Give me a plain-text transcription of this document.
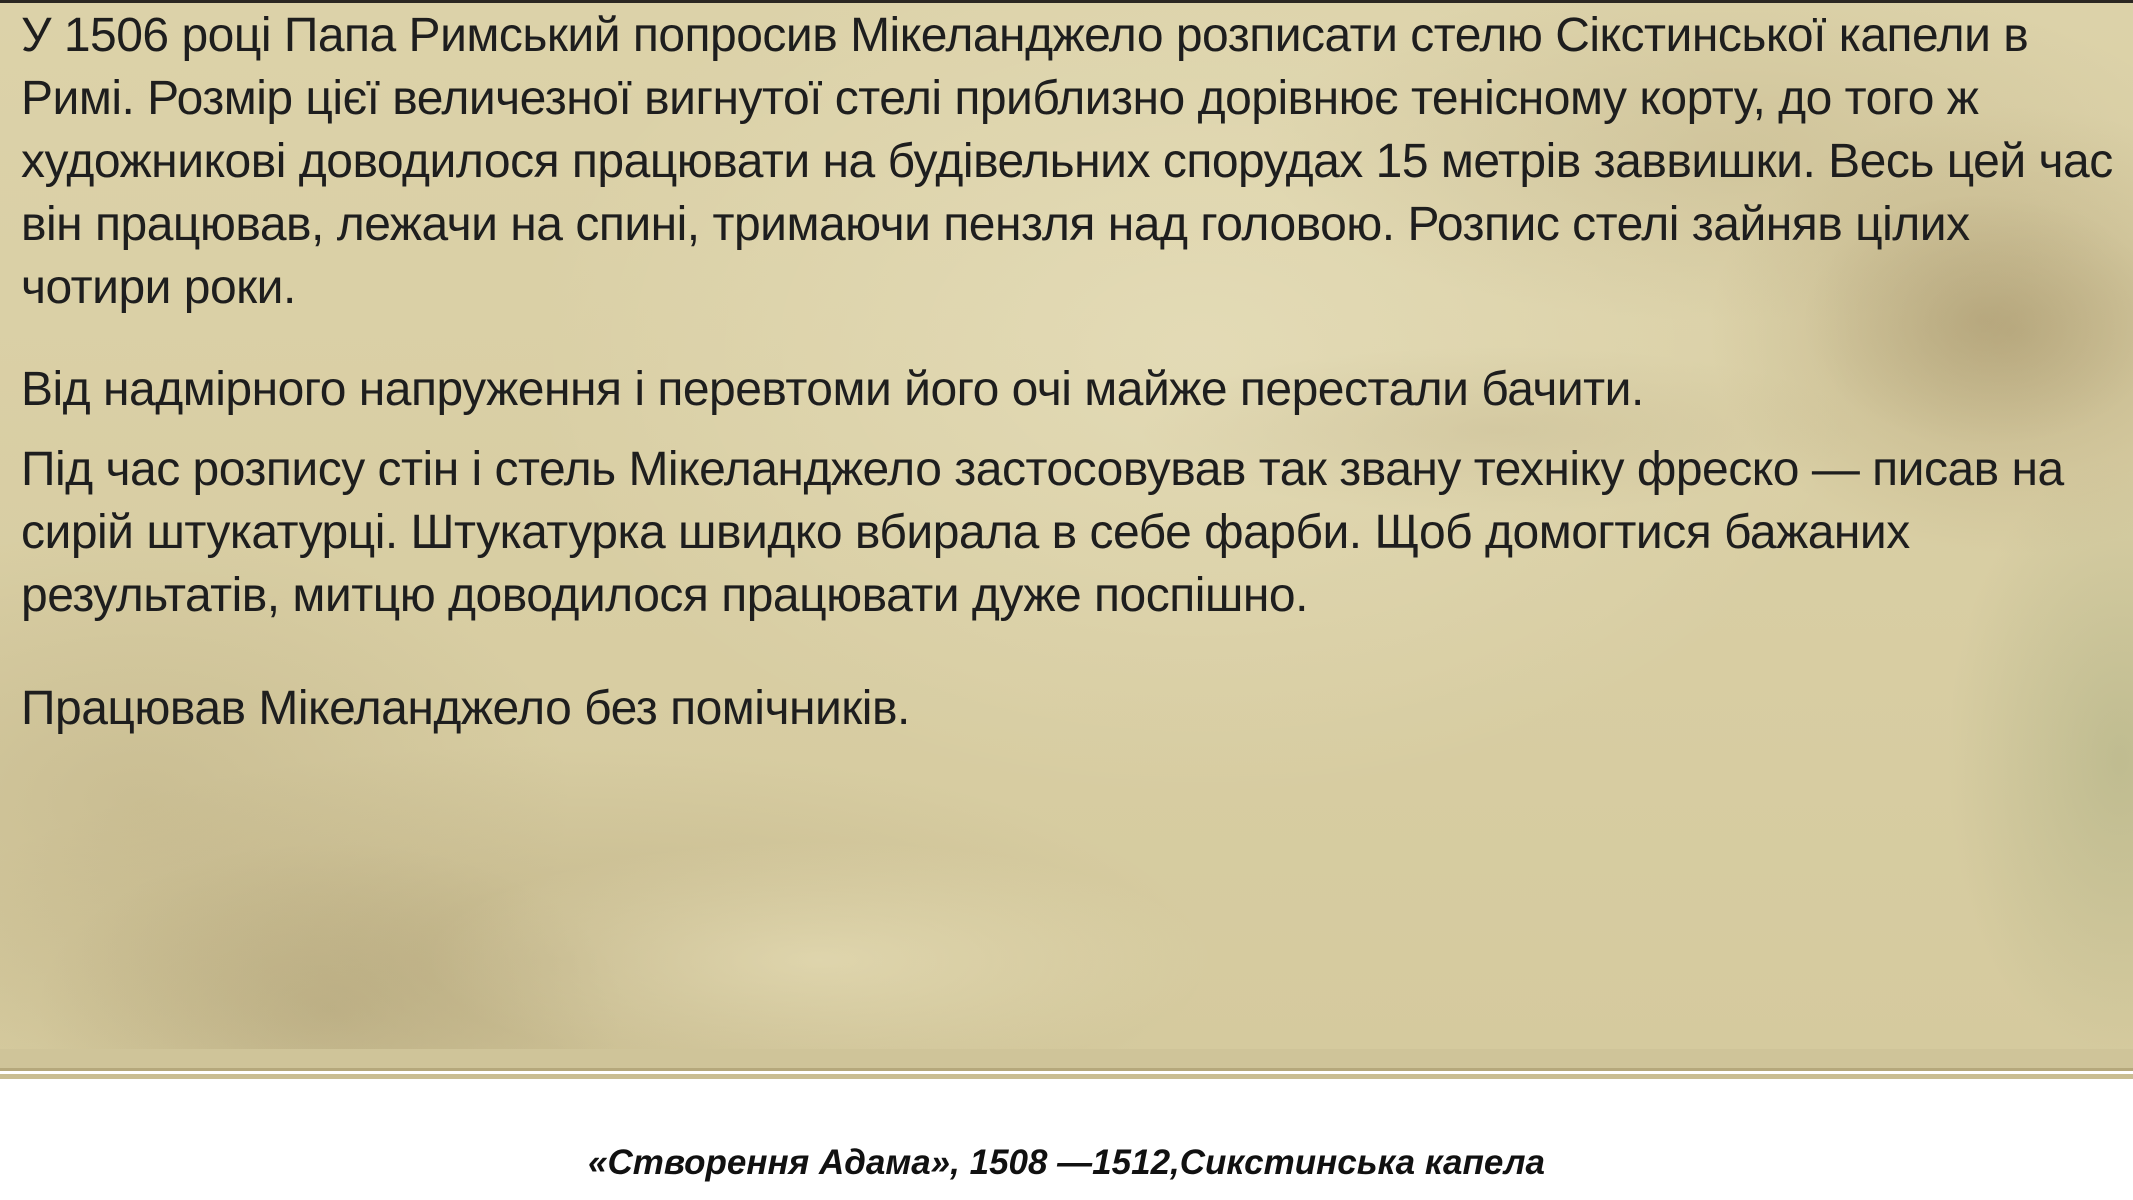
У 1506 році Папа Римський попросив Мікеланджело розписати стелю Сікстинської капели в Римі. Розмір цієї величезної вигнутої стелі приблизно дорівнює тенісному корту, до того ж художникові доводилося працювати на будівельних спорудах 15 метрів заввишки. Весь цей час він працював, лежачи на спині, тримаючи пензля над головою. Розпис стелі зайняв цілих чотири роки.

Від надмірного напруження і перевтоми його очі майже перестали бачити.

Під час розпису стін і стель Мікеланджело застосовував так звану техніку фреско — писав на сирій штукатурці. Штукатурка швидко вбирала в себе фарби. Щоб домогтися бажаних результатів, митцю доводилося працювати дуже поспішно.

Працював Мікеланджело без помічників.

«Створення Адама», 1508 —1512,Сикстинська капела
